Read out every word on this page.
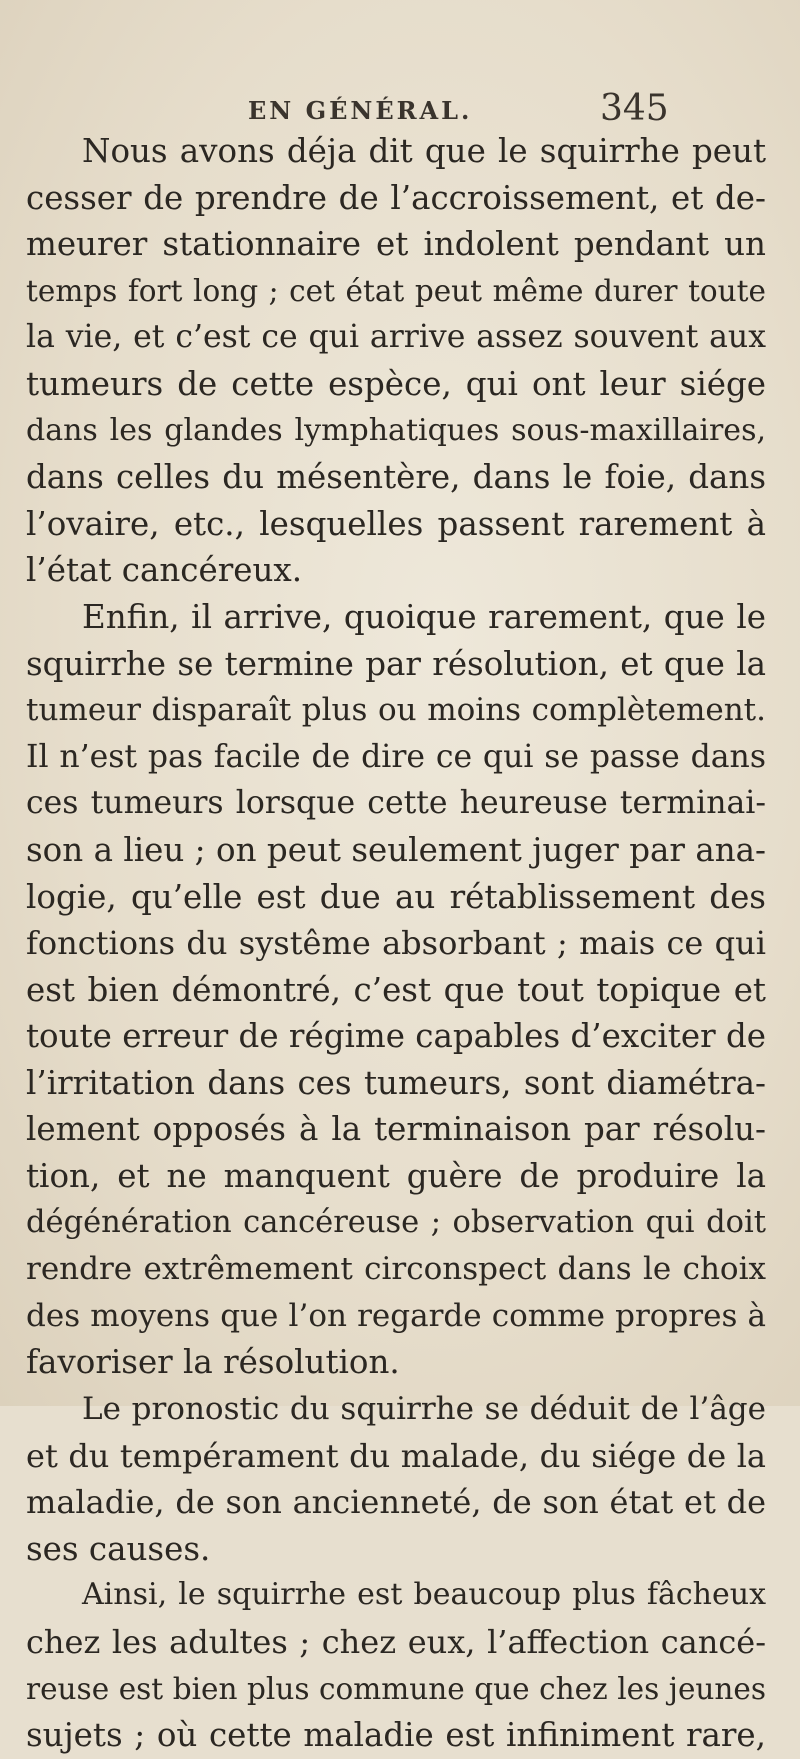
EN GÉNÉRAL.	345
Nous avons déja dit que le squirrhe peut
cesser de prendre de l’accroissement, et de-
meurer stationnaire et indolent pendant un
temps fort long ; cet état peut même durer toute
la vie, et c’est ce qui arrive assez souvent aux
tumeurs de cette espèce, qui ont leur siége
dans les glandes lymphatiques sous-maxillaires,
dans celles du mésentère, dans le foie, dans
l’ovaire, etc., lesquelles passent rarement à
l’état cancéreux.
Enfin, il arrive, quoique rarement, que le
squirrhe se termine par résolution, et que la
tumeur disparaît plus ou moins complètement.
Il n’est pas facile de dire ce qui se passe dans
ces tumeurs lorsque cette heureuse terminai-
son a lieu ; on peut seulement juger par ana-
logie, qu’elle est due au rétablissement des
fonctions du systême absorbant ; mais ce qui
est bien démontré, c’est que tout topique et
toute erreur de régime capables d’exciter de
l’irritation dans ces tumeurs, sont diamétra-
lement opposés à la terminaison par résolu-
tion, et ne manquent guère de produire la
dégénération cancéreuse ; observation qui doit
rendre extrêmement circonspect dans le choix
des moyens que l’on regarde comme propres à
favoriser la résolution.
Le pronostic du squirrhe se déduit de l’âge
et du tempérament du malade, du siége de la
maladie, de son ancienneté, de son état et de
ses causes.
Ainsi, le squirrhe est beaucoup plus fâcheux
chez les adultes ; chez eux, l’affection cancé-
reuse est bien plus commune que chez les jeunes
sujets ; où cette maladie est infiniment rare,
